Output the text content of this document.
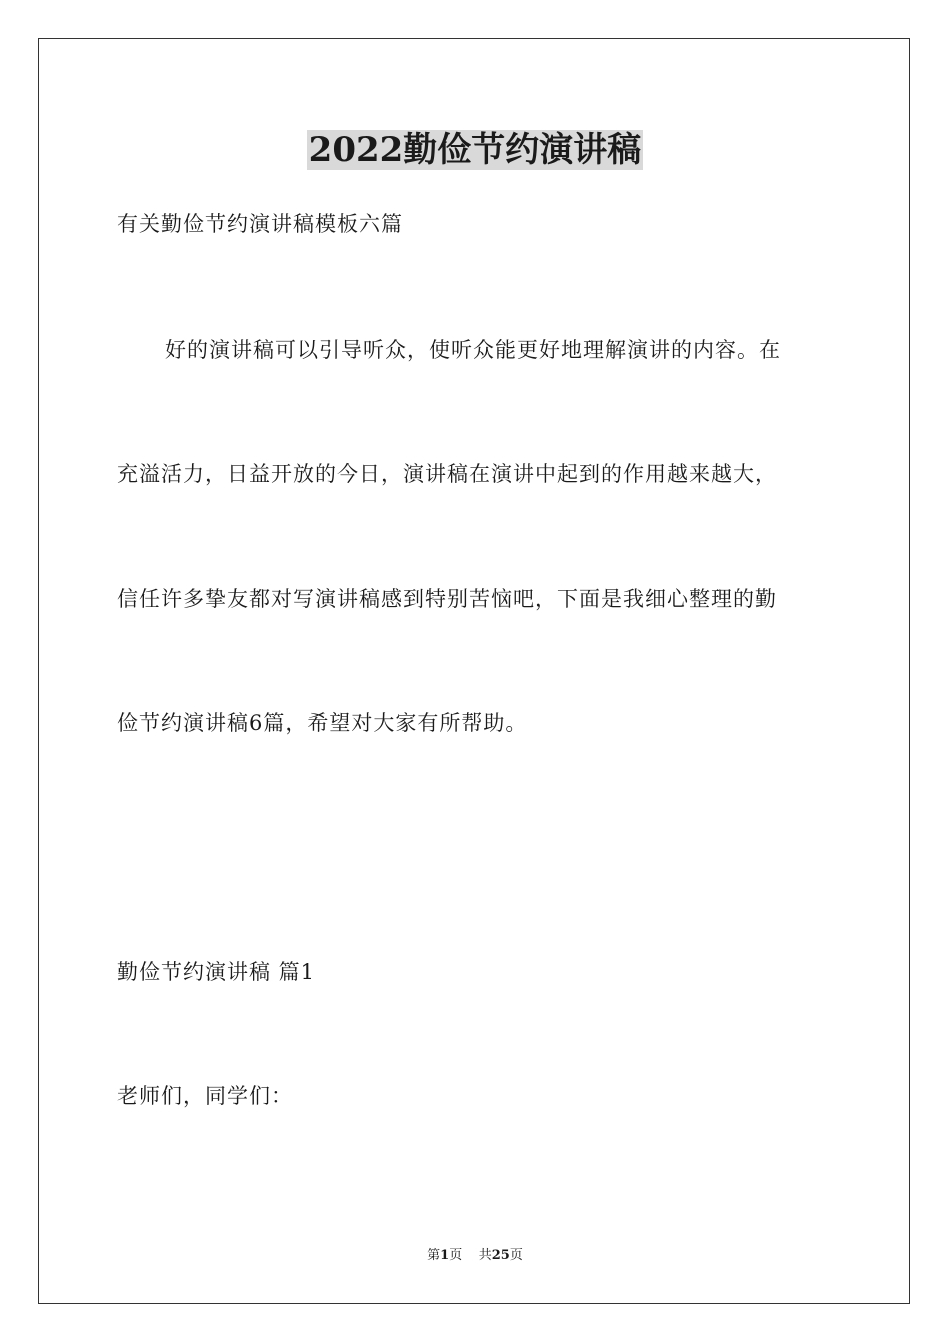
2022勤俭节约演讲稿
有关勤俭节约演讲稿模板六篇
好的演讲稿可以引导听众，使听众能更好地理解演讲的内容。在
充溢活力，日益开放的今日，演讲稿在演讲中起到的作用越来越大，
信任许多挚友都对写演讲稿感到特别苦恼吧，下面是我细心整理的勤
俭节约演讲稿6篇，希望对大家有所帮助。
勤俭节约演讲稿 篇1
老师们，同学们：
第1页 共25页
